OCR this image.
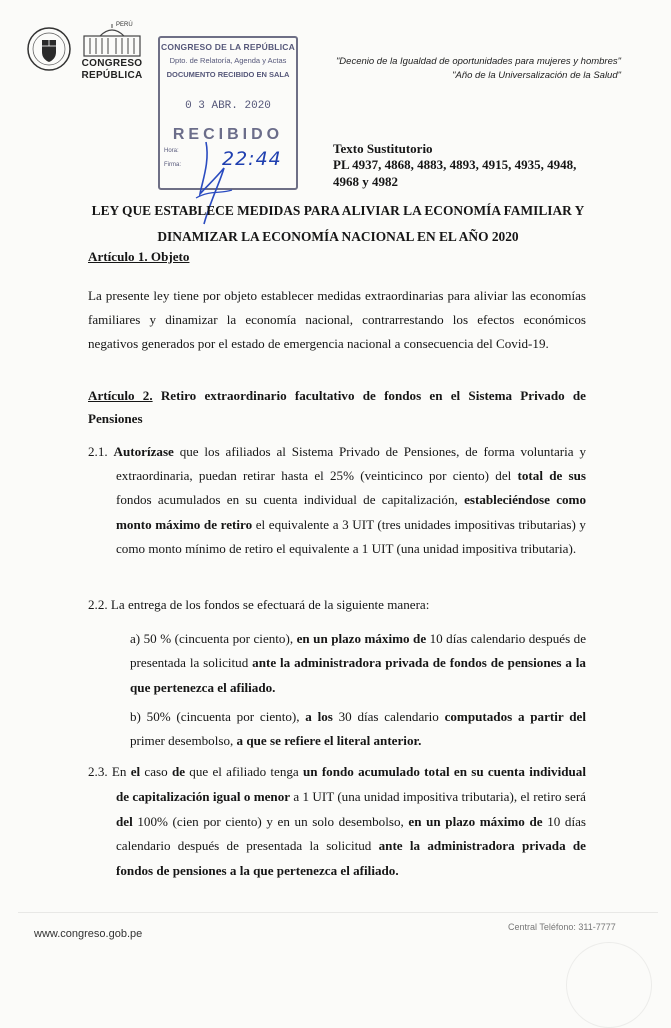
PERÚ
CONGRESO
REPÚBLICA
CONGRESO DE LA REPÚBLICA
Dpto. de Relatoría, Agenda y Actas
DOCUMENTO RECIBIDO EN SALA
0 3 ABR. 2020
RECIBIDO
Hora:
Firma: 22:44
"Decenio de la Igualdad de oportunidades para mujeres y hombres"
"Año de la Universalización de la Salud"
Texto Sustitutorio
PL 4937, 4868, 4883, 4893, 4915, 4935, 4948, 4968 y 4982
LEY QUE ESTABLECE MEDIDAS PARA ALIVIAR LA ECONOMÍA FAMILIAR Y
DINAMIZAR LA ECONOMÍA NACIONAL EN EL AÑO 2020
Artículo 1. Objeto
La presente ley tiene por objeto establecer medidas extraordinarias para aliviar las economías familiares y dinamizar la economía nacional, contrarrestando los efectos económicos negativos generados por el estado de emergencia nacional a consecuencia del Covid-19.
Artículo 2. Retiro extraordinario facultativo de fondos en el Sistema Privado de Pensiones
2.1. Autorízase que los afiliados al Sistema Privado de Pensiones, de forma voluntaria y extraordinaria, puedan retirar hasta el 25% (veinticinco por ciento) del total de sus fondos acumulados en su cuenta individual de capitalización, estableciéndose como monto máximo de retiro el equivalente a 3 UIT (tres unidades impositivas tributarias) y como monto mínimo de retiro el equivalente a 1 UIT (una unidad impositiva tributaria).
2.2. La entrega de los fondos se efectuará de la siguiente manera:
a) 50 % (cincuenta por ciento), en un plazo máximo de 10 días calendario después de presentada la solicitud ante la administradora privada de fondos de pensiones a la que pertenezca el afiliado.
b) 50% (cincuenta por ciento), a los 30 días calendario computados a partir del primer desembolso, a que se refiere el literal anterior.
2.3. En el caso de que el afiliado tenga un fondo acumulado total en su cuenta individual de capitalización igual o menor a 1 UIT (una unidad impositiva tributaria), el retiro será del 100% (cien por ciento) y en un solo desembolso, en un plazo máximo de 10 días calendario después de presentada la solicitud ante la administradora privada de fondos de pensiones a la que pertenezca el afiliado.
www.congreso.gob.pe
Central Teléfono: 311-7777
